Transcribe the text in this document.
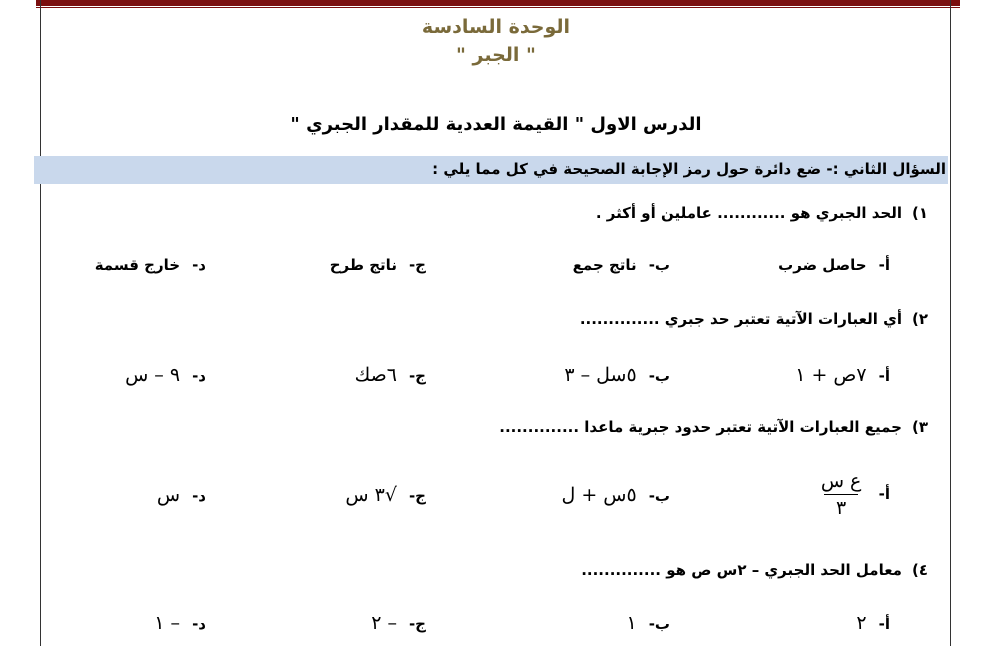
الوحدة السادسة
" الجبر "
الدرس الاول " القيمة العددية للمقدار الجبري "
السؤال الثاني :- ضع دائرة حول رمز الإجابة الصحيحة في كل مما يلي :
١)الحد الجبري هو ............ عاملين أو أكثر .
أ-حاصل ضرب
ب-ناتج جمع
ج-ناتج طرح
د-خارج قسمة
٢)أي العبارات الآتية تعتبر حد جبري ..............
أ-٧ص + ١
ب-٥سل – ٣
ج-٦صك
د-٩ – س
٣)جميع العبارات الآتية تعتبر حدود جبرية ماعدا ..............
أ-
$\frac{\text{ع س}}{٣}$
ب-٥س + ل
ج-√٣ س
د-س
٤)معامل الحد الجبري – ٢س ص هو ..............
أ-٢
ب-١
ج-– ٢
د-– ١
